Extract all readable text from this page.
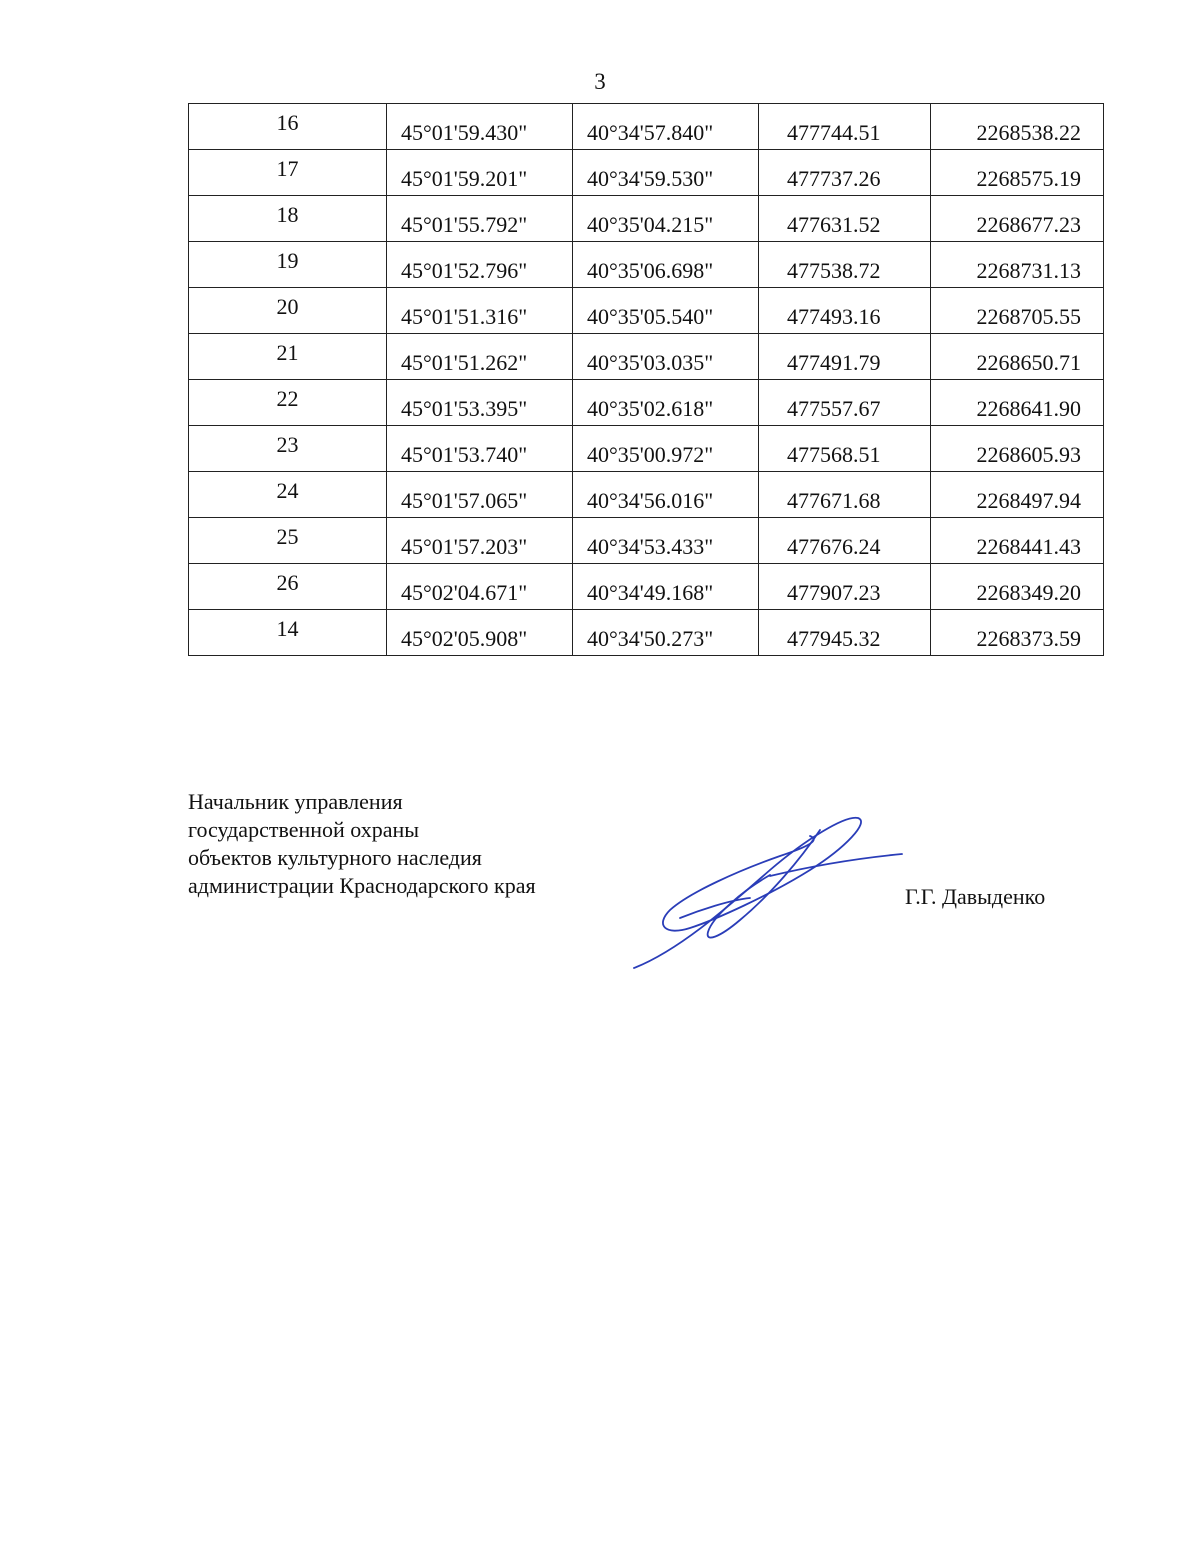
3
16	45°01'59.430"	40°34'57.840"	477744.51	2268538.22
17	45°01'59.201"	40°34'59.530"	477737.26	2268575.19
18	45°01'55.792"	40°35'04.215"	477631.52	2268677.23
19	45°01'52.796"	40°35'06.698"	477538.72	2268731.13
20	45°01'51.316"	40°35'05.540"	477493.16	2268705.55
21	45°01'51.262"	40°35'03.035"	477491.79	2268650.71
22	45°01'53.395"	40°35'02.618"	477557.67	2268641.90
23	45°01'53.740"	40°35'00.972"	477568.51	2268605.93
24	45°01'57.065"	40°34'56.016"	477671.68	2268497.94
25	45°01'57.203"	40°34'53.433"	477676.24	2268441.43
26	45°02'04.671"	40°34'49.168"	477907.23	2268349.20
14	45°02'05.908"	40°34'50.273"	477945.32	2268373.59
Начальник управления
государственной охраны
объектов культурного наследия
администрации Краснодарского края	Г.Г. Давыденко
